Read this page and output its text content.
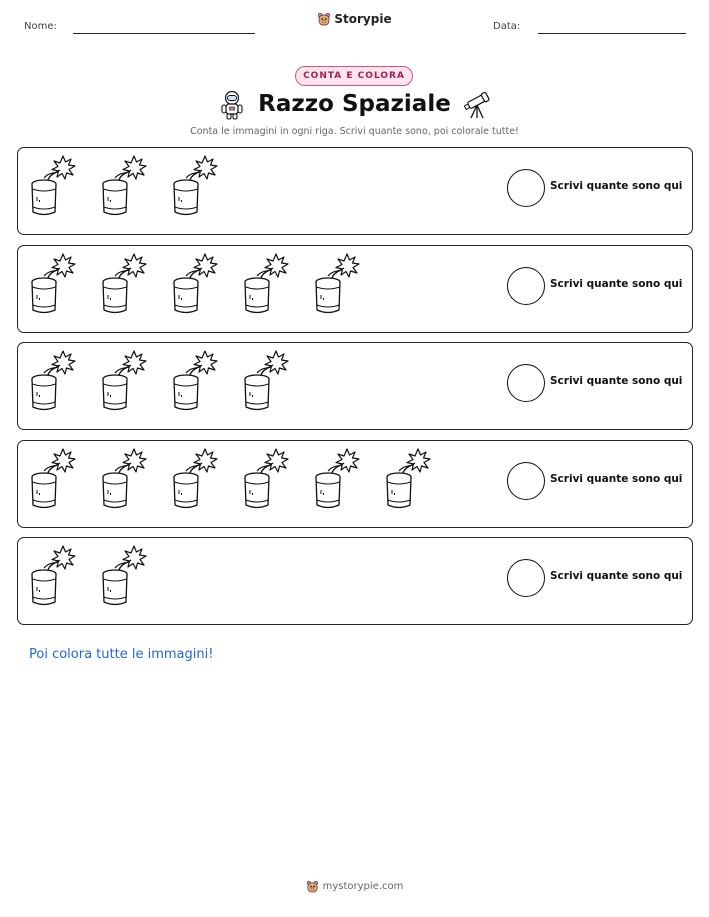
Nome:
Storypie
Data:
CONTA E COLORA
Razzo Spaziale
Conta le immagini in ogni riga. Scrivi quante sono, poi colorale tutte!
Scrivi quante sono qui
Scrivi quante sono qui
Scrivi quante sono qui
Scrivi quante sono qui
Scrivi quante sono qui
Poi colora tutte le immagini!
mystorypie.com
